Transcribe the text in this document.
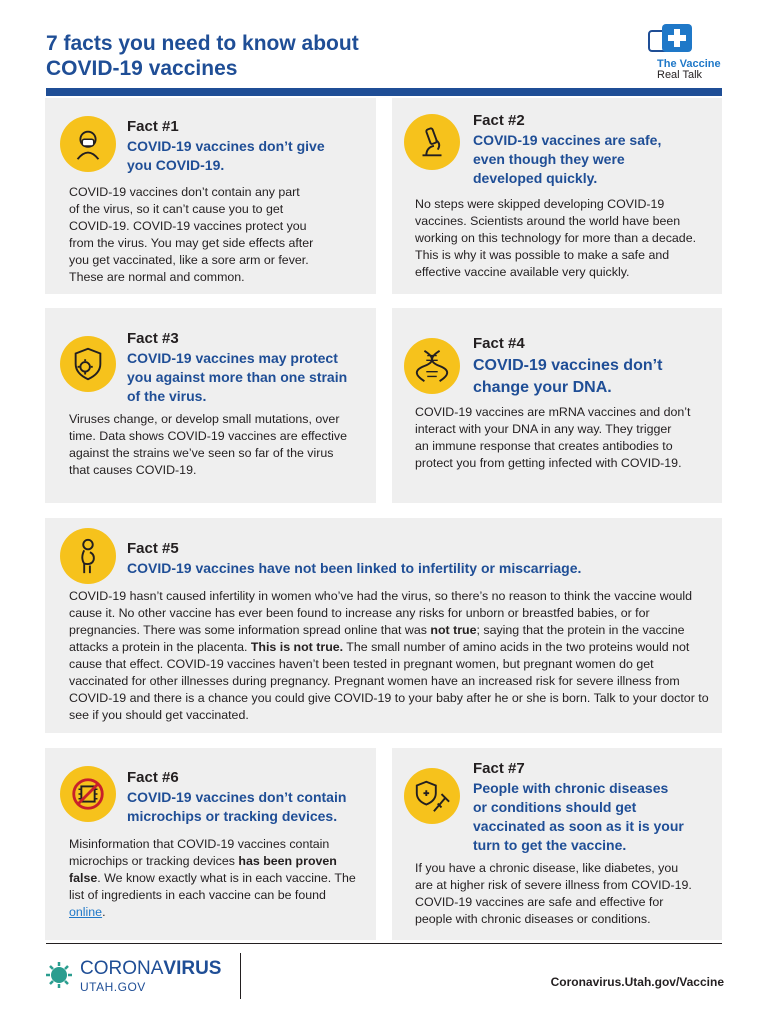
7 facts you need to know about
COVID-19 vaccines	The Vaccine
Real Talk
Fact #1
COVID-19 vaccines don’t give
you COVID-19.
COVID-19 vaccines don’t contain any part
of the virus, so it can’t cause you to get
COVID-19. COVID-19 vaccines protect you
from the virus. You may get side effects after
you get vaccinated, like a sore arm or fever.
These are normal and common.
Fact #2
COVID-19 vaccines are safe,
even though they were
developed quickly.
No steps were skipped developing COVID-19
vaccines. Scientists around the world have been
working on this technology for more than a decade.
This is why it was possible to make a safe and
effective vaccine available very quickly.
Fact #3
COVID-19 vaccines may protect
you against more than one strain
of the virus.
Viruses change, or develop small mutations, over
time. Data shows COVID-19 vaccines are effective
against the strains we’ve seen so far of the virus
that causes COVID-19.
Fact #4
COVID-19 vaccines don’t
change your DNA.
COVID-19 vaccines are mRNA vaccines and don’t
interact with your DNA in any way. They trigger
an immune response that creates antibodies to
protect you from getting infected with COVID-19.
Fact #5
COVID-19 vaccines have not been linked to infertility or miscarriage.
COVID-19 hasn’t caused infertility in women who’ve had the virus, so there’s no reason to think the vaccine would cause it. No other vaccine has ever been found to increase any risks for unborn or breastfed babies, or for pregnancies. There was some information spread online that was not true; saying that the protein in the vaccine attacks a protein in the placenta. This is not true. The small number of amino acids in the two proteins would not cause that effect. COVID-19 vaccines haven’t been tested in pregnant women, but pregnant women do get vaccinated for other illnesses during pregnancy. Pregnant women have an increased risk for severe illness from COVID-19 and there is a chance you could give COVID-19 to your baby after he or she is born. Talk to your doctor to see if you should get vaccinated.
Fact #6
COVID-19 vaccines don’t contain
microchips or tracking devices.
Misinformation that COVID-19 vaccines contain microchips or tracking devices has been proven false. We know exactly what is in each vaccine. The list of ingredients in each vaccine can be found online.
Fact #7
People with chronic diseases
or conditions should get
vaccinated as soon as it is your
turn to get the vaccine.
If you have a chronic disease, like diabetes, you
are at higher risk of severe illness from COVID-19.
COVID-19 vaccines are safe and effective for
people with chronic diseases or conditions.
CORONAVIRUS
UTAH.GOV	Coronavirus.Utah.gov/Vaccine
